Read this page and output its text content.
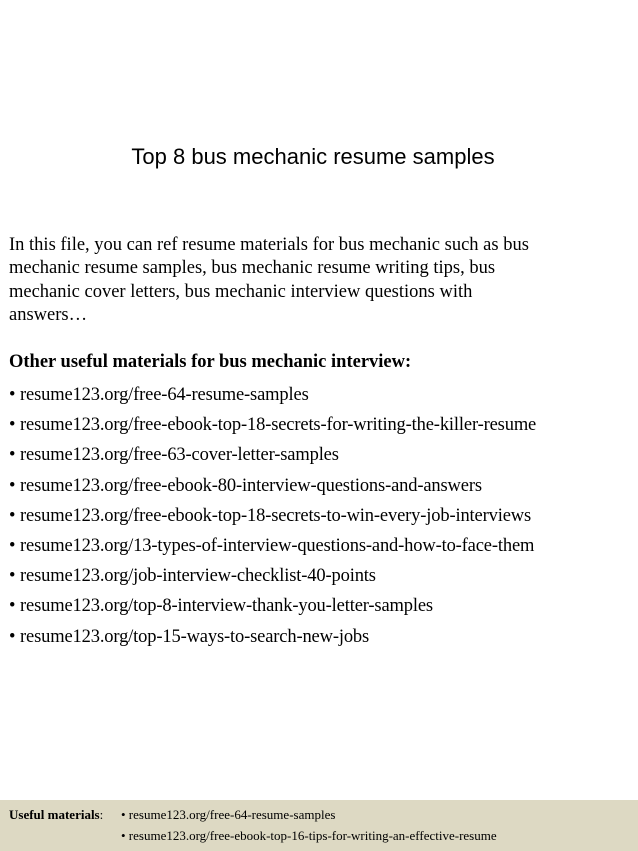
Top 8 bus mechanic resume samples
In this file, you can ref resume materials for bus mechanic such as bus
mechanic resume samples, bus mechanic resume writing tips, bus
mechanic cover letters, bus mechanic interview questions with
answers…
Other useful materials for bus mechanic interview:
• resume123.org/free-64-resume-samples
• resume123.org/free-ebook-top-18-secrets-for-writing-the-killer-resume
• resume123.org/free-63-cover-letter-samples
• resume123.org/free-ebook-80-interview-questions-and-answers
• resume123.org/free-ebook-top-18-secrets-to-win-every-job-interviews
• resume123.org/13-types-of-interview-questions-and-how-to-face-them
• resume123.org/job-interview-checklist-40-points
• resume123.org/top-8-interview-thank-you-letter-samples
• resume123.org/top-15-ways-to-search-new-jobs
Useful materials: • resume123.org/free-64-resume-samples
• resume123.org/free-ebook-top-16-tips-for-writing-an-effective-resume
